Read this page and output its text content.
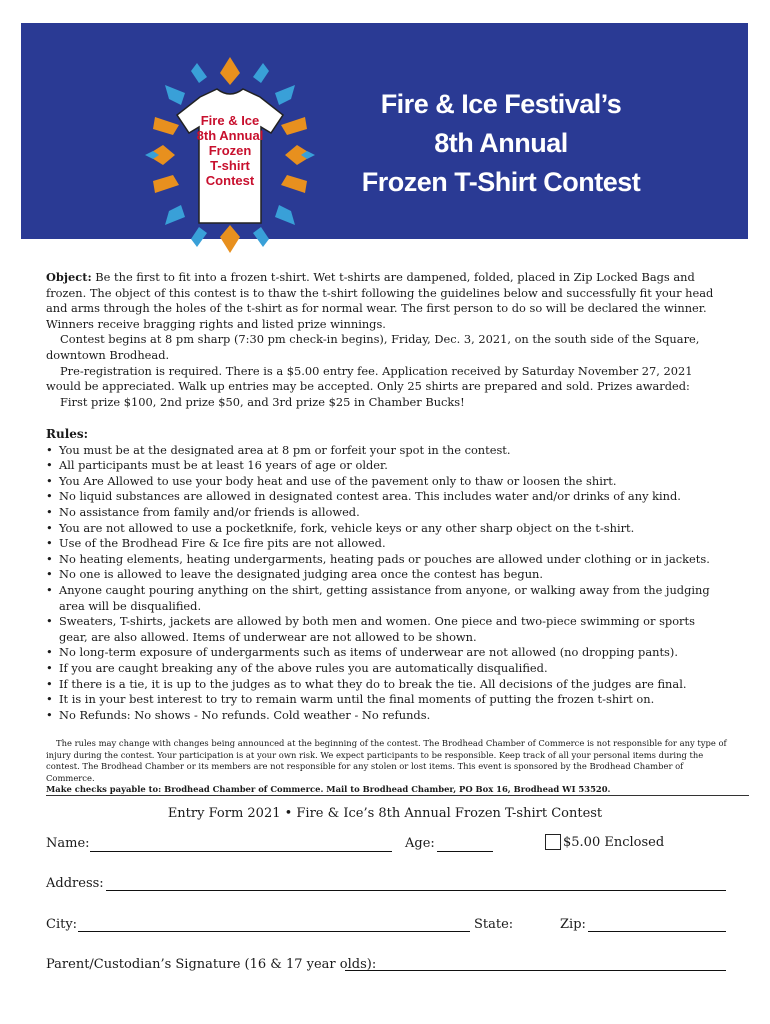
Fire & Ice
8th Annual
Frozen
T-shirt
Contest
Fire & Ice Festival’s
8th Annual
Frozen T-Shirt Contest

Object: Be the first to fit into a frozen t-shirt. Wet t-shirts are dampened, folded, placed in Zip Locked Bags and frozen. The object of this contest is to thaw the t-shirt following the guidelines below and successfully fit your head and arms through the holes of the t-shirt as for normal wear. The first person to do so will be declared the winner. Winners receive bragging rights and listed prize winnings.

Contest begins at 8 pm sharp (7:30 pm check-in begins), Friday, Dec. 3, 2021, on the south side of the Square, downtown Brodhead.

Pre-registration is required. There is a $5.00 entry fee. Application received by Saturday November 27, 2021 would be appreciated. Walk up entries may be accepted. Only 25 shirts are prepared and sold. Prizes awarded:

First prize $100, 2nd prize $50, and 3rd prize $25 in Chamber Bucks!

Rules:

• You must be at the designated area at 8 pm or forfeit your spot in the contest.
• All participants must be at least 16 years of age or older.
• You Are Allowed to use your body heat and use of the pavement only to thaw or loosen the shirt.
• No liquid substances are allowed in designated contest area. This includes water and/or drinks of any kind.
• No assistance from family and/or friends is allowed.
• You are not allowed to use a pocketknife, fork, vehicle keys or any other sharp object on the t-shirt.
• Use of the Brodhead Fire & Ice fire pits are not allowed.
• No heating elements, heating undergarments, heating pads or pouches are allowed under clothing or in jackets.
• No one is allowed to leave the designated judging area once the contest has begun.
• Anyone caught pouring anything on the shirt, getting assistance from anyone, or walking away from the judging area will be disqualified.
• Sweaters, T-shirts, jackets are allowed by both men and women. One piece and two-piece swimming or sports gear, are also allowed. Items of underwear are not allowed to be shown.
• No long-term exposure of undergarments such as items of underwear are not allowed (no dropping pants).
• If you are caught breaking any of the above rules you are automatically disqualified.
• If there is a tie, it is up to the judges as to what they do to break the tie. All decisions of the judges are final.
• It is in your best interest to try to remain warm until the final moments of putting the frozen t-shirt on.
• No Refunds: No shows - No refunds. Cold weather - No refunds.

The rules may change with changes being announced at the beginning of the contest. The Brodhead Chamber of Commerce is not responsible for any type of injury during the contest. Your participation is at your own risk. We expect participants to be responsible. Keep track of all your personal items during the contest. The Brodhead Chamber or its members are not responsible for any stolen or lost items. This event is sponsored by the Brodhead Chamber of Commerce.

Make checks payable to: Brodhead Chamber of Commerce. Mail to Brodhead Chamber, PO Box 16, Brodhead WI 53520.

Entry Form 2021 • Fire & Ice’s 8th Annual Frozen T-shirt Contest
Name:	Age:	$5.00 Enclosed
Address:
City:	State:	Zip:
Parent/Custodian’s Signature (16 & 17 year olds):
